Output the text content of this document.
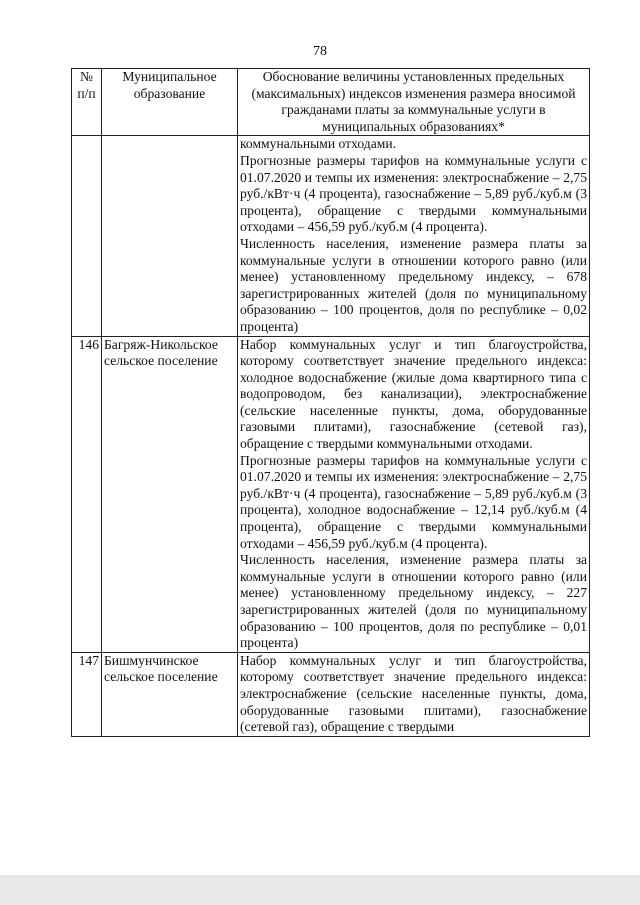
78
№
п/п	Муниципальное образование	Обоснование величины установленных предельных (максимальных) индексов изменения размера вносимой гражданами платы за коммунальные услуги в муниципальных образованиях*

		коммунальными отходами.

Прогнозные размеры тарифов на коммунальные услуги с 01.07.2020 и темпы их изменения: электроснабжение – 2,75 руб./кВт·ч (4 процента), газоснабжение – 5,89 руб./куб.м (3 процента), обращение с твердыми коммунальными отходами – 456,59 руб./куб.м (4 процента).

Численность населения, изменение размера платы за коммунальные услуги в отношении которого равно (или менее) установленному предельному индексу, – 678 зарегистрированных жителей (доля по муниципальному образованию – 100 процентов, доля по республике – 0,02 процента)

146	Багряж-Никольское сельское поселение	Набор коммунальных услуг и тип благоустройства, которому соответствует значение предельного индекса: холодное водоснабжение (жилые дома квартирного типа с водопроводом, без канализации), электроснабжение (сельские населенные пункты, дома, оборудованные газовыми плитами), газоснабжение (сетевой газ), обращение с твердыми коммунальными отходами.

Прогнозные размеры тарифов на коммунальные услуги с 01.07.2020 и темпы их изменения: электроснабжение – 2,75 руб./кВт·ч (4 процента), газоснабжение – 5,89 руб./куб.м (3 процента), холодное водоснабжение – 12,14 руб./куб.м (4 процента), обращение с твердыми коммунальными отходами – 456,59 руб./куб.м (4 процента).

Численность населения, изменение размера платы за коммунальные услуги в отношении которого равно (или менее) установленному предельному индексу, – 227 зарегистрированных жителей (доля по муниципальному образованию – 100 процентов, доля по республике – 0,01 процента)

147	Бишмунчинское сельское поселение	Набор коммунальных услуг и тип благоустройства, которому соответствует значение предельного индекса: электроснабжение (сельские населенные пункты, дома, оборудованные газовыми плитами), газоснабжение (сетевой газ), обращение с твердыми
